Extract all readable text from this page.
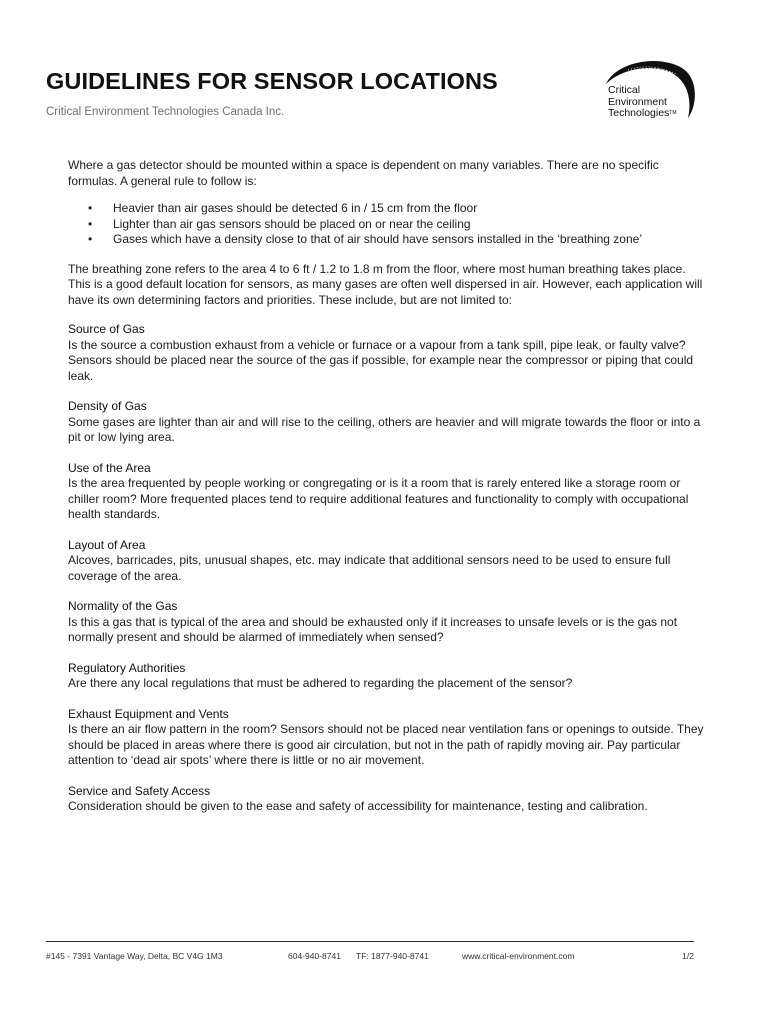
GUIDELINES FOR SENSOR LOCATIONS
Critical Environment Technologies Canada Inc.
Critical
Environment
Technologies™

Where a gas detector should be mounted within a space is dependent on many variables. There are no specific formulas. A general rule to follow is:

• Heavier than air gases should be detected 6 in / 15 cm from the floor
• Lighter than air gas sensors should be placed on or near the ceiling
• Gases which have a density close to that of air should have sensors installed in the ‘breathing zone’

The breathing zone refers to the area 4 to 6 ft / 1.2 to 1.8 m from the floor, where most human breathing takes place. This is a good default location for sensors, as many gases are often well dispersed in air. However, each application will have its own determining factors and priorities. These include, but are not limited to:

Source of Gas

Is the source a combustion exhaust from a vehicle or furnace or a vapour from a tank spill, pipe leak, or faulty valve? Sensors should be placed near the source of the gas if possible, for example near the compressor or piping that could leak.

Density of Gas

Some gases are lighter than air and will rise to the ceiling, others are heavier and will migrate towards the floor or into a pit or low lying area.

Use of the Area

Is the area frequented by people working or congregating or is it a room that is rarely entered like a storage room or chiller room? More frequented places tend to require additional features and functionality to comply with occupational health standards.

Layout of Area

Alcoves, barricades, pits, unusual shapes, etc. may indicate that additional sensors need to be used to ensure full coverage of the area.

Normality of the Gas

Is this a gas that is typical of the area and should be exhausted only if it increases to unsafe levels or is the gas not normally present and should be alarmed of immediately when sensed?

Regulatory Authorities

Are there any local regulations that must be adhered to regarding the placement of the sensor?

Exhaust Equipment and Vents

Is there an air flow pattern in the room? Sensors should not be placed near ventilation fans or openings to outside. They should be placed in areas where there is good air circulation, but not in the path of rapidly moving air. Pay particular attention to ‘dead air spots’ where there is little or no air movement.

Service and Safety Access

Consideration should be given to the ease and safety of accessibility for maintenance, testing and calibration.

#145 - 7391 Vantage Way, Delta, BC V4G 1M3	604-940-8741 TF: 1877-940-8741	www.critical-environment.com	1/2
